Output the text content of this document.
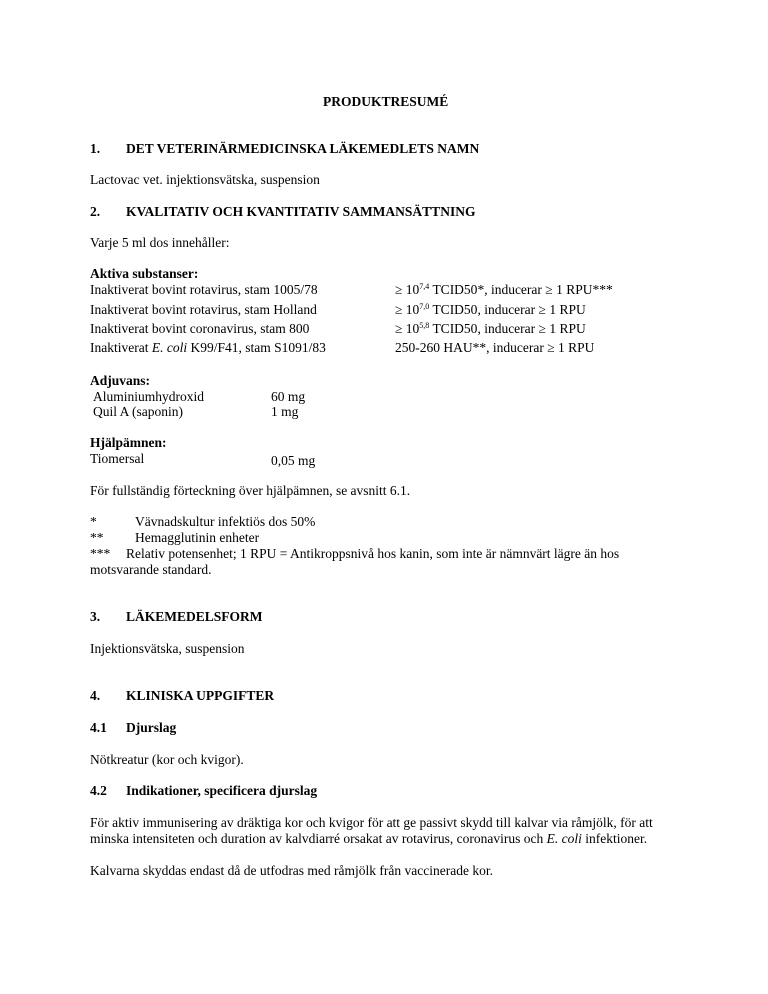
PRODUKTRESUMÉ
1. DET VETERINÄRMEDICINSKA LÄKEMEDLETS NAMN
Lactovac vet. injektionsvätska, suspension
2. KVALITATIV OCH KVANTITATIV SAMMANSÄTTNING
Varje 5 ml dos innehåller:
Aktiva substanser:
Inaktiverat bovint rotavirus, stam 1005/78	≥ $10^{7,4}$ TCID50*, inducerar ≥ 1 RPU***
Inaktiverat bovint rotavirus, stam Holland	≥ $10^{7,0}$ TCID50, inducerar ≥ 1 RPU
Inaktiverat bovint coronavirus, stam 800	≥ $10^{5,8}$ TCID50, inducerar ≥ 1 RPU
Inaktiverat E. coli K99/F41, stam S1091/83	250-260 HAU**, inducerar ≥ 1 RPU
Adjuvans:
Aluminiumhydroxid	60 mg
Quil A (saponin)	1 mg
Hjälpämnen:
Tiomersal	0,05 mg
För fullständig förteckning över hjälpämnen, se avsnitt 6.1.
*	Vävnadskultur infektiös dos 50%
** Hemagglutinin enheter
*** Relativ potensenhet; 1 RPU = Antikroppsnivå hos kanin, som inte är nämnvärt lägre än hos
motsvarande standard.
3. LÄKEMEDELSFORM
Injektionsvätska, suspension
4. KLINISKA UPPGIFTER
4.1 Djurslag
Nötkreatur (kor och kvigor).
4.2 Indikationer, specificera djurslag
För aktiv immunisering av dräktiga kor och kvigor för att ge passivt skydd till kalvar via råmjölk, för att
minska intensiteten och duration av kalvdiarré orsakat av rotavirus, coronavirus och E. coli infektioner.
Kalvarna skyddas endast då de utfodras med råmjölk från vaccinerade kor.
